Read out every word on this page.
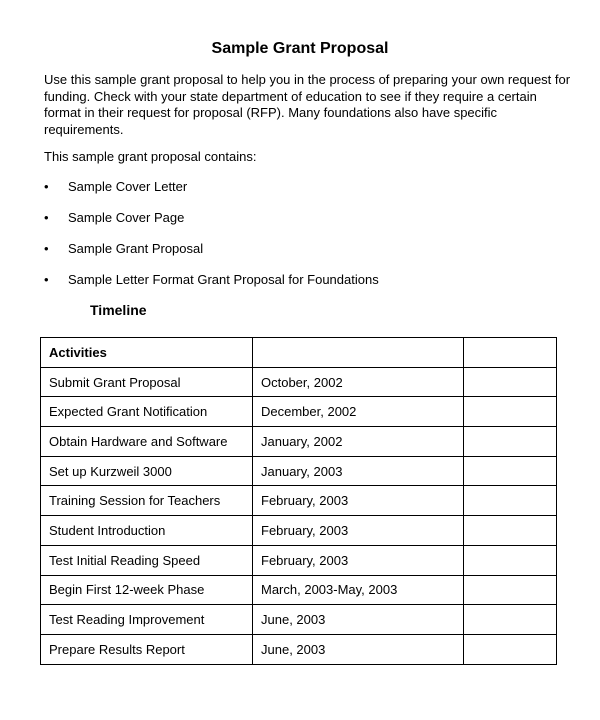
Sample Grant Proposal
Use this sample grant proposal to help you in the process of preparing your own request for funding. Check with your state department of education to see if they require a certain format in their request for proposal (RFP). Many foundations also have specific requirements.
This sample grant proposal contains:
•	Sample Cover Letter
•	Sample Cover Page
•	Sample Grant Proposal
•	Sample Letter Format Grant Proposal for Foundations
Timeline
Activities		
Submit Grant Proposal	October, 2002	
Expected Grant Notification	December, 2002	
Obtain Hardware and Software	January, 2002	
Set up Kurzweil 3000	January, 2003	
Training Session for Teachers	February, 2003	
Student Introduction	February, 2003	
Test Initial Reading Speed	February, 2003	
Begin First 12-week Phase	March, 2003-May, 2003	
Test Reading Improvement	June, 2003	
Prepare Results Report	June, 2003	
